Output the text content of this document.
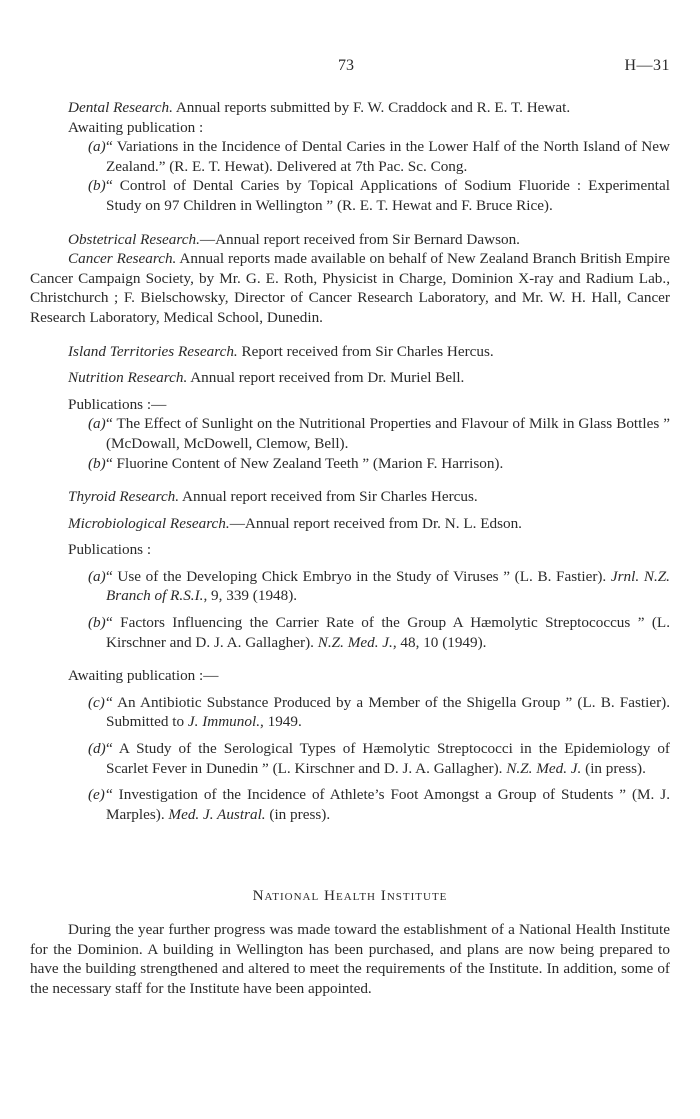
73	H—31

Dental Research. Annual reports submitted by F. W. Craddock and R. E. T. Hewat.

Awaiting publication :

(a) “ Variations in the Incidence of Dental Caries in the Lower Half of the North Island of New Zealand.” (R. E. T. Hewat). Delivered at 7th Pac. Sc. Cong.
(b) “ Control of Dental Caries by Topical Applications of Sodium Fluoride : Experimental Study on 97 Children in Wellington ” (R. E. T. Hewat and F. Bruce Rice).

Obstetrical Research.—Annual report received from Sir Bernard Dawson.

Cancer Research. Annual reports made available on behalf of New Zealand Branch British Empire Cancer Campaign Society, by Mr. G. E. Roth, Physicist in Charge, Dominion X-ray and Radium Lab., Christchurch ; F. Bielschowsky, Director of Cancer Research Laboratory, and Mr. W. H. Hall, Cancer Research Laboratory, Medical School, Dunedin.

Island Territories Research. Report received from Sir Charles Hercus.

Nutrition Research. Annual report received from Dr. Muriel Bell.

Publications :—

(a) “ The Effect of Sunlight on the Nutritional Properties and Flavour of Milk in Glass Bottles ” (McDowall, McDowell, Clemow, Bell).
(b) “ Fluorine Content of New Zealand Teeth ” (Marion F. Harrison).

Thyroid Research. Annual report received from Sir Charles Hercus.

Microbiological Research.—Annual report received from Dr. N. L. Edson.

Publications :

(a) “ Use of the Developing Chick Embryo in the Study of Viruses ” (L. B. Fastier). Jrnl. N.Z. Branch of R.S.I., 9, 339 (1948).
(b) “ Factors Influencing the Carrier Rate of the Group A Hæmolytic Streptococcus ” (L. Kirschner and D. J. A. Gallagher). N.Z. Med. J., 48, 10 (1949).

Awaiting publication :—

(c) “ An Antibiotic Substance Produced by a Member of the Shigella Group ” (L. B. Fastier). Submitted to J. Immunol., 1949.
(d) “ A Study of the Serological Types of Hæmolytic Streptococci in the Epidemiology of Scarlet Fever in Dunedin ” (L. Kirschner and D. J. A. Gallagher). N.Z. Med. J. (in press).
(e) “ Investigation of the Incidence of Athlete’s Foot Amongst a Group of Students ” (M. J. Marples). Med. J. Austral. (in press).

National Health Institute

During the year further progress was made toward the establishment of a National Health Institute for the Dominion. A building in Wellington has been purchased, and plans are now being prepared to have the building strengthened and altered to meet the requirements of the Institute. In addition, some of the necessary staff for the Institute have been appointed.
